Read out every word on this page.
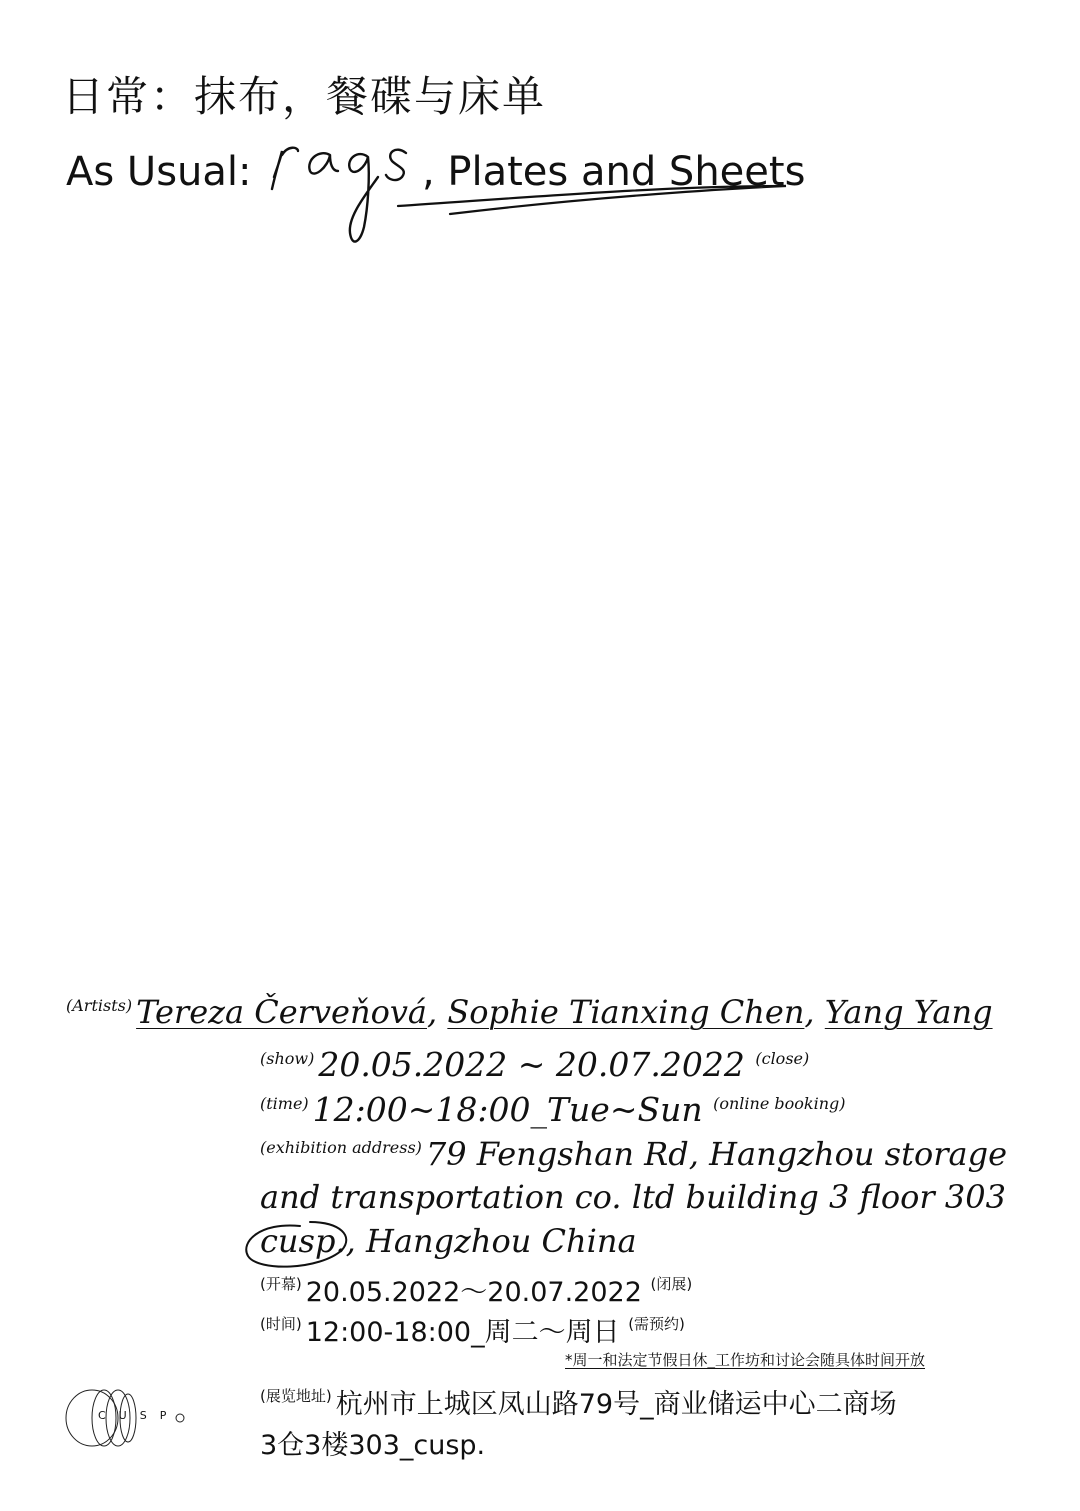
日常：抹布，餐碟与床单
As Usual:
rags
, Plates and Sheets
$^{(Artists)}$ Tereza Červeňová, Sophie Tianxing Chen, Yang Yang
$^{(show)}$ 20.05.2022 ~ 20.07.2022 $^{(close)}$
$^{(time)}$ 12:00~18:00_Tue~Sun $^{(online booking)}$
$^{(exhibition address)}$ 79 Fengshan Rd, Hangzhou storage
and transportation co. ltd building 3 floor 303
cusp., Hangzhou China
$^{(开幕)}$ 20.05.2022～20.07.2022 $^{(闭展)}$
$^{(时间)}$ 12:00-18:00_周二～周日 $^{(需预约)}$
*周一和法定节假日休_工作坊和讨论会随具体时间开放
$^{(展览地址)}$ 杭州市上城区凤山路79号_商业储运中心二商场
3仓3楼303_cusp.
CUSP
